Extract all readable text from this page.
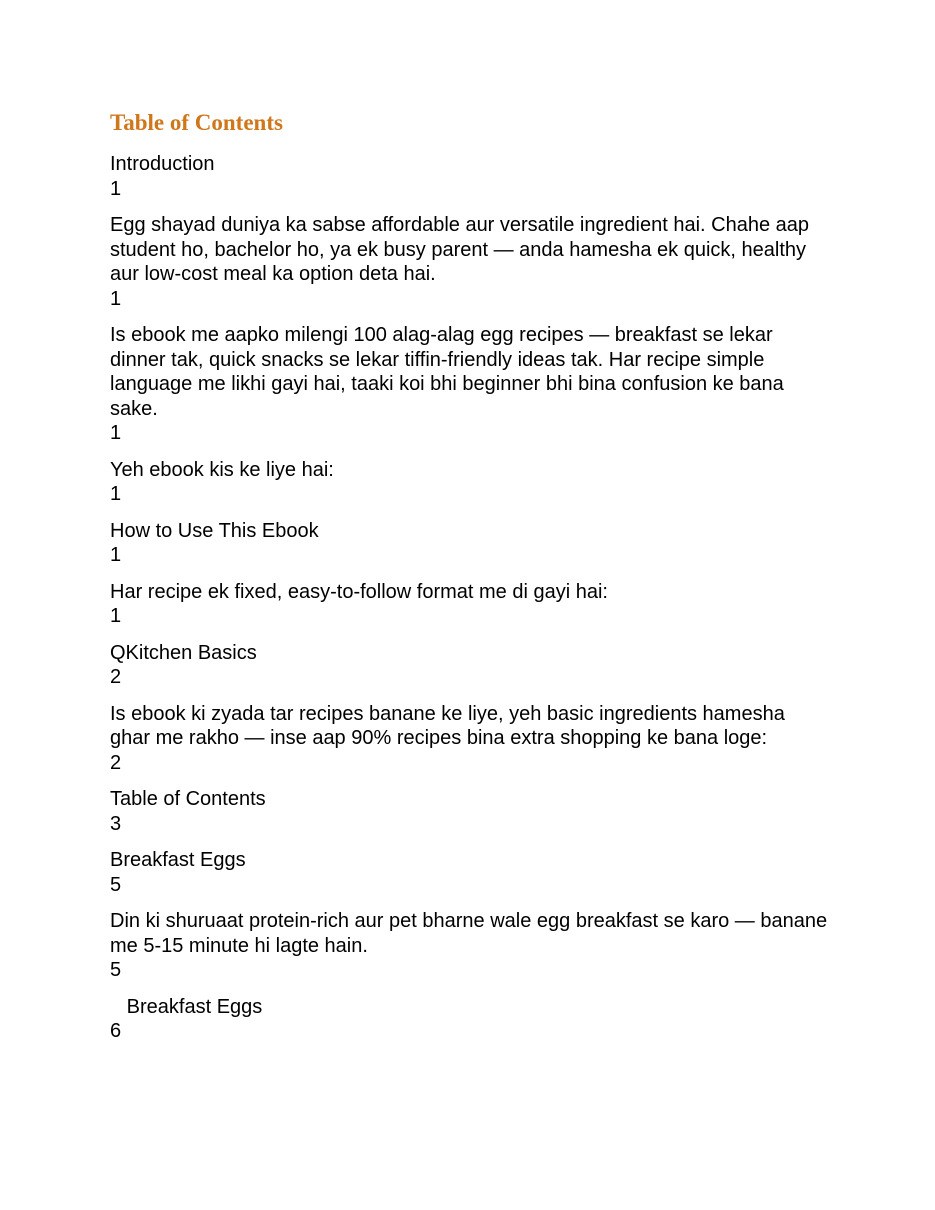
Table of Contents
Introduction
1
Egg shayad duniya ka sabse affordable aur versatile ingredient hai. Chahe aap student ho, bachelor ho, ya ek busy parent — anda hamesha ek quick, healthy aur low-cost meal ka option deta hai.
1
Is ebook me aapko milengi 100 alag-alag egg recipes — breakfast se lekar dinner tak, quick snacks se lekar tiffin-friendly ideas tak. Har recipe simple language me likhi gayi hai, taaki koi bhi beginner bhi bina confusion ke bana sake.
1
Yeh ebook kis ke liye hai:
1
How to Use This Ebook
1
Har recipe ek fixed, easy-to-follow format me di gayi hai:
1
QKitchen Basics
2
Is ebook ki zyada tar recipes banane ke liye, yeh basic ingredients hamesha ghar me rakho — inse aap 90% recipes bina extra shopping ke bana loge:
2
Table of Contents
3
Breakfast Eggs
5
Din ki shuruaat protein-rich aur pet bharne wale egg breakfast se karo — banane me 5-15 minute hi lagte hain.
5
Breakfast Eggs
6
